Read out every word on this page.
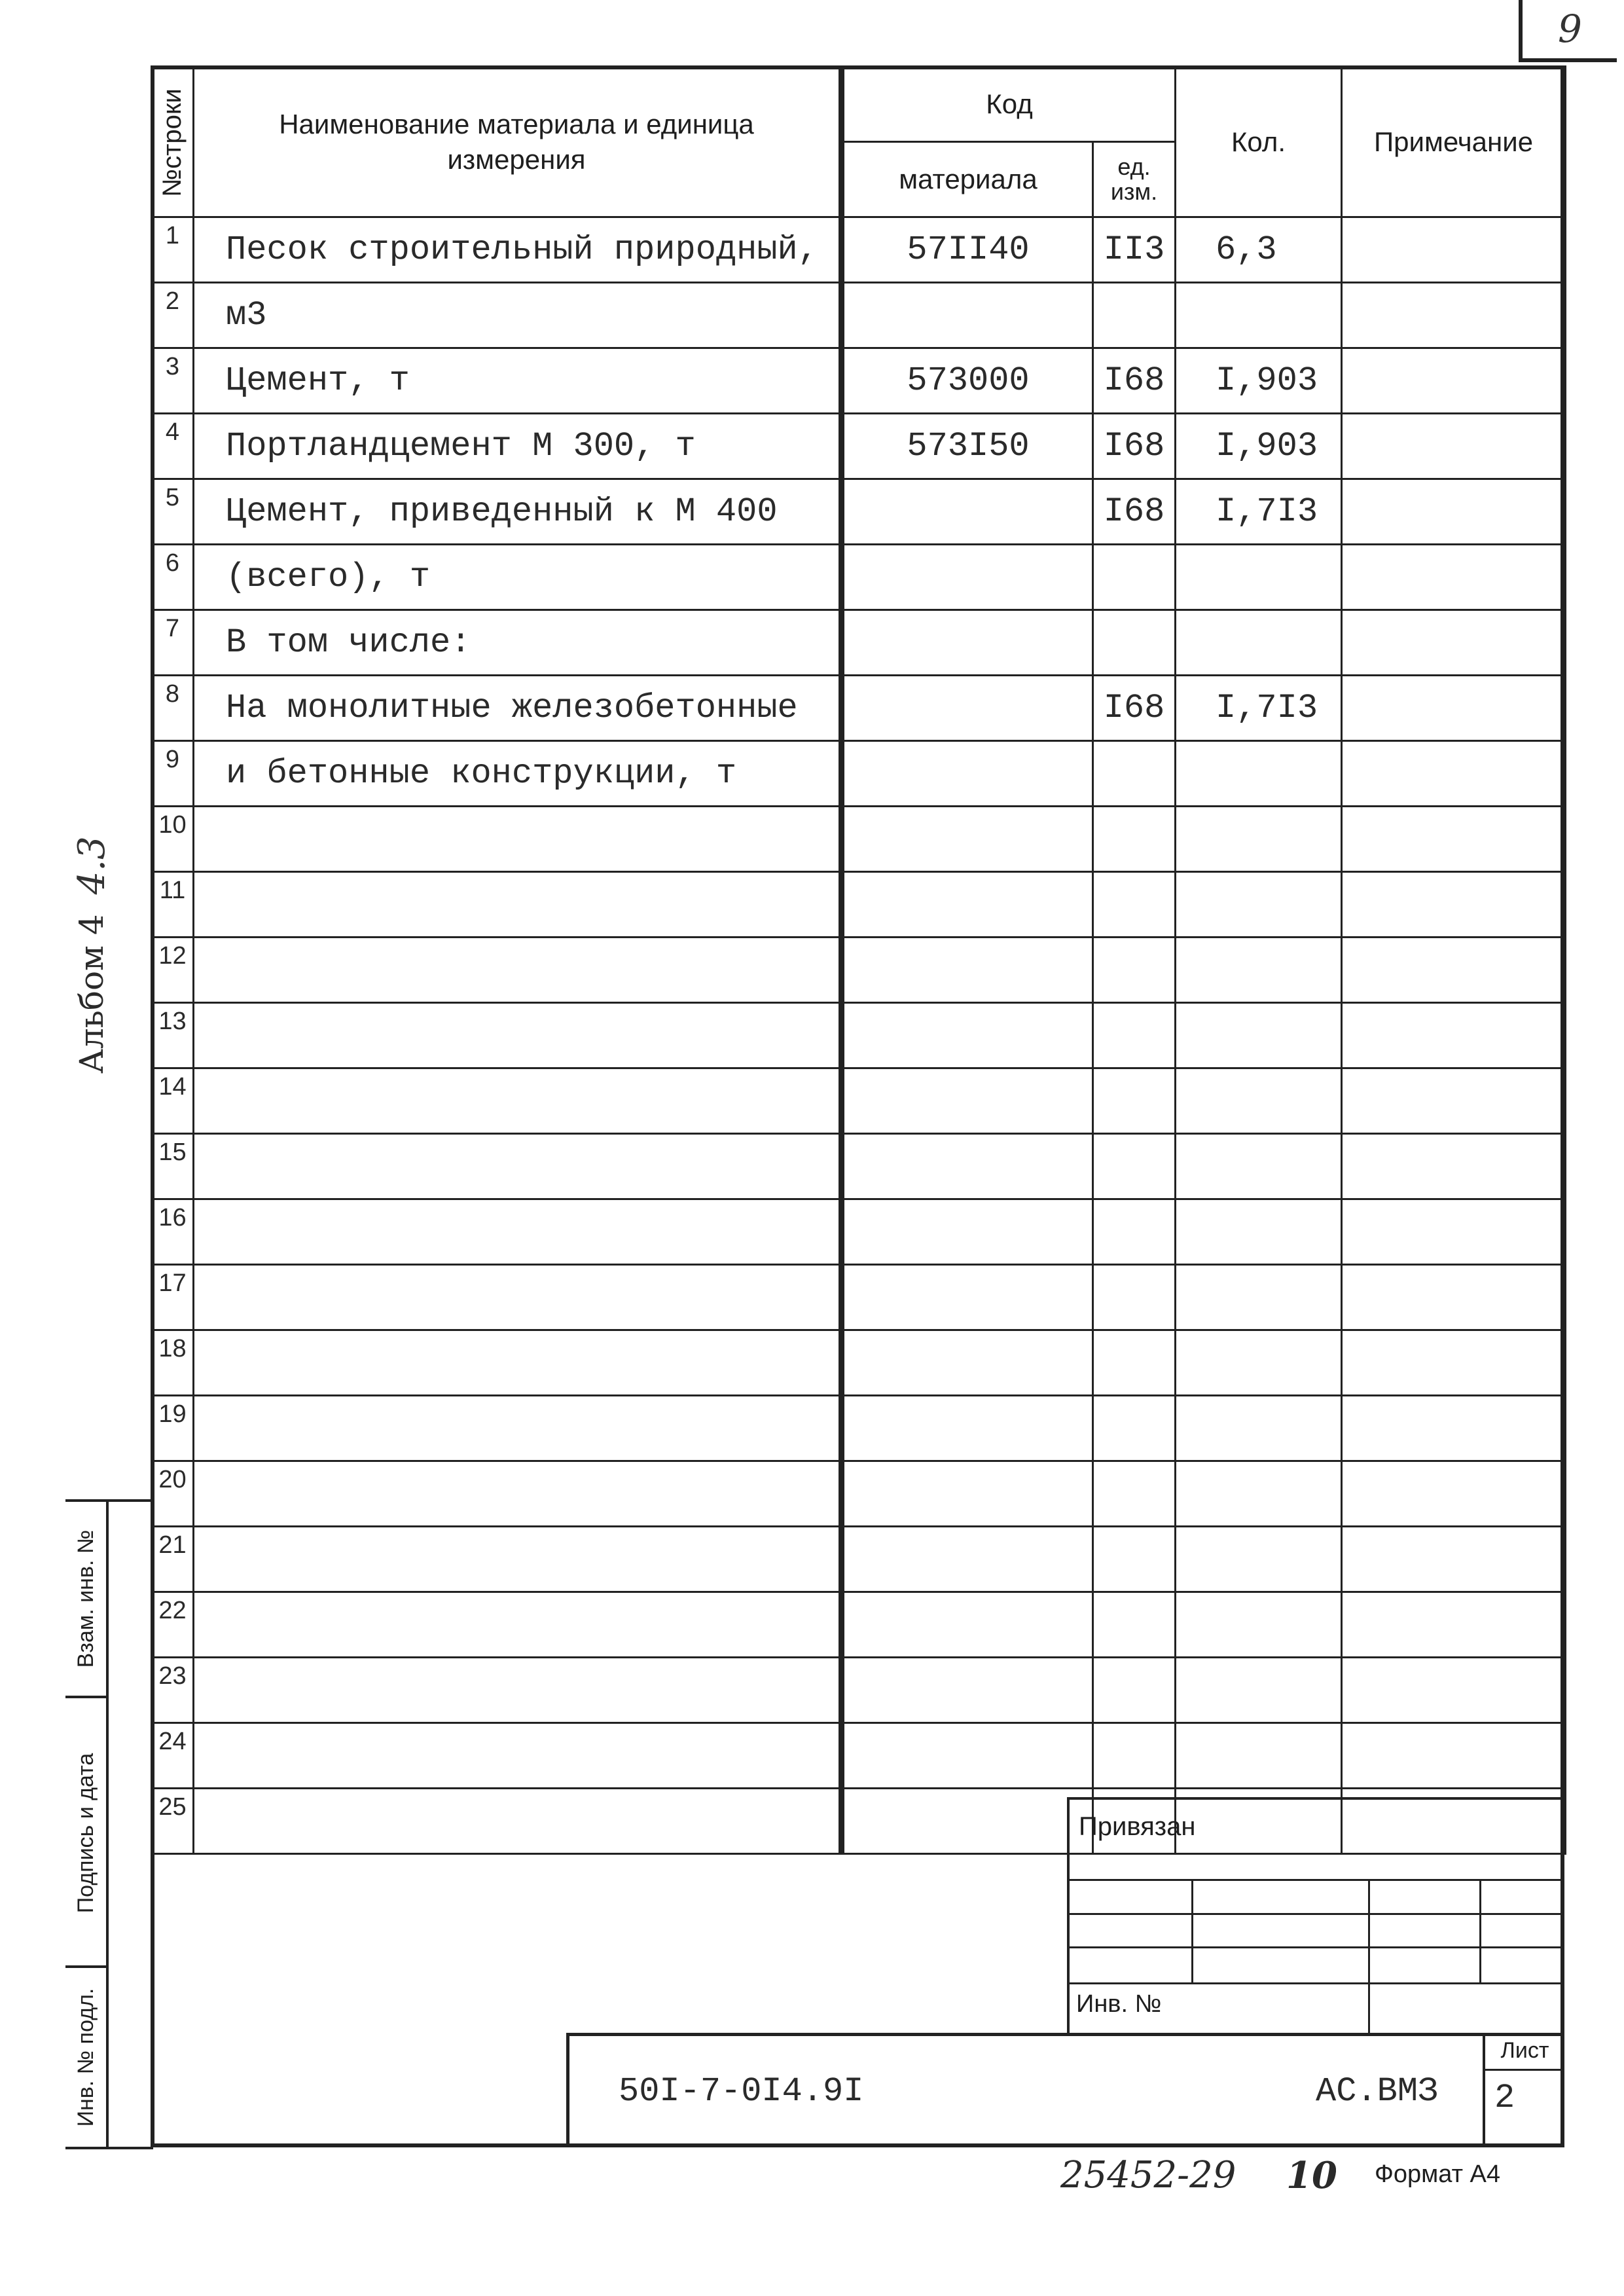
9
Альбом 4
4.3
Взам. инв. №
Подпись и дата
Инв. № подл.
№строки	Наименование материала и единица измерения	Код		Кол.	Примечание
		материала	ед. изм.		
1	Песок строительный природный,	57II40	II3	6,3	
2	м3				
3	Цемент, т	573000	I68	I,903	
4	Портландцемент М 300, т	573I50	I68	I,903	
5	Цемент, приведенный к М 400		I68	I,7I3	
6	(всего), т				
7	В том числе:				
8	На монолитные железобетонные		I68	I,7I3	
9	и бетонные конструкции, т				
10					
11					
12					
13					
14					
15					
16					
17					
18					
19					
20					
21					
22					
23					
24					
25					
Привязан
Инв. №
50I-7-0I4.9I	АС.ВМЗ
Лист
2
25452-29 10 Формат А4
